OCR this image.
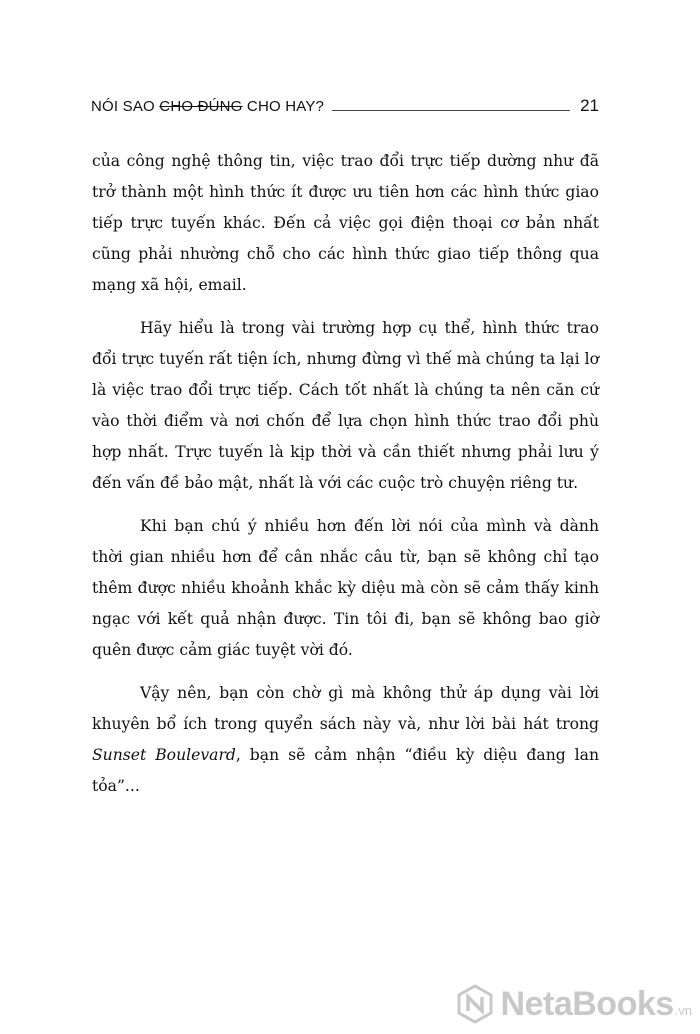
NÓI SAO CHO ĐÚNG CHO HAY?	21

của công nghệ thông tin, việc trao đổi trực tiếp dường như đã trở thành một hình thức ít được ưu tiên hơn các hình thức giao tiếp trực tuyến khác. Đến cả việc gọi điện thoại cơ bản nhất cũng phải nhường chỗ cho các hình thức giao tiếp thông qua mạng xã hội, email.

Hãy hiểu là trong vài trường hợp cụ thể, hình thức trao đổi trực tuyến rất tiện ích, nhưng đừng vì thế mà chúng ta lại lơ là việc trao đổi trực tiếp. Cách tốt nhất là chúng ta nên căn cứ vào thời điểm và nơi chốn để lựa chọn hình thức trao đổi phù hợp nhất. Trực tuyến là kịp thời và cần thiết nhưng phải lưu ý đến vấn đề bảo mật, nhất là với các cuộc trò chuyện riêng tư.

Khi bạn chú ý nhiều hơn đến lời nói của mình và dành thời gian nhiều hơn để cân nhắc câu từ, bạn sẽ không chỉ tạo thêm được nhiều khoảnh khắc kỳ diệu mà còn sẽ cảm thấy kinh ngạc với kết quả nhận được. Tin tôi đi, bạn sẽ không bao giờ quên được cảm giác tuyệt vời đó.

Vậy nên, bạn còn chờ gì mà không thử áp dụng vài lời khuyên bổ ích trong quyển sách này và, như lời bài hát trong Sunset Boulevard, bạn sẽ cảm nhận “điều kỳ diệu đang lan tỏa”...

NetaBooks .vn
